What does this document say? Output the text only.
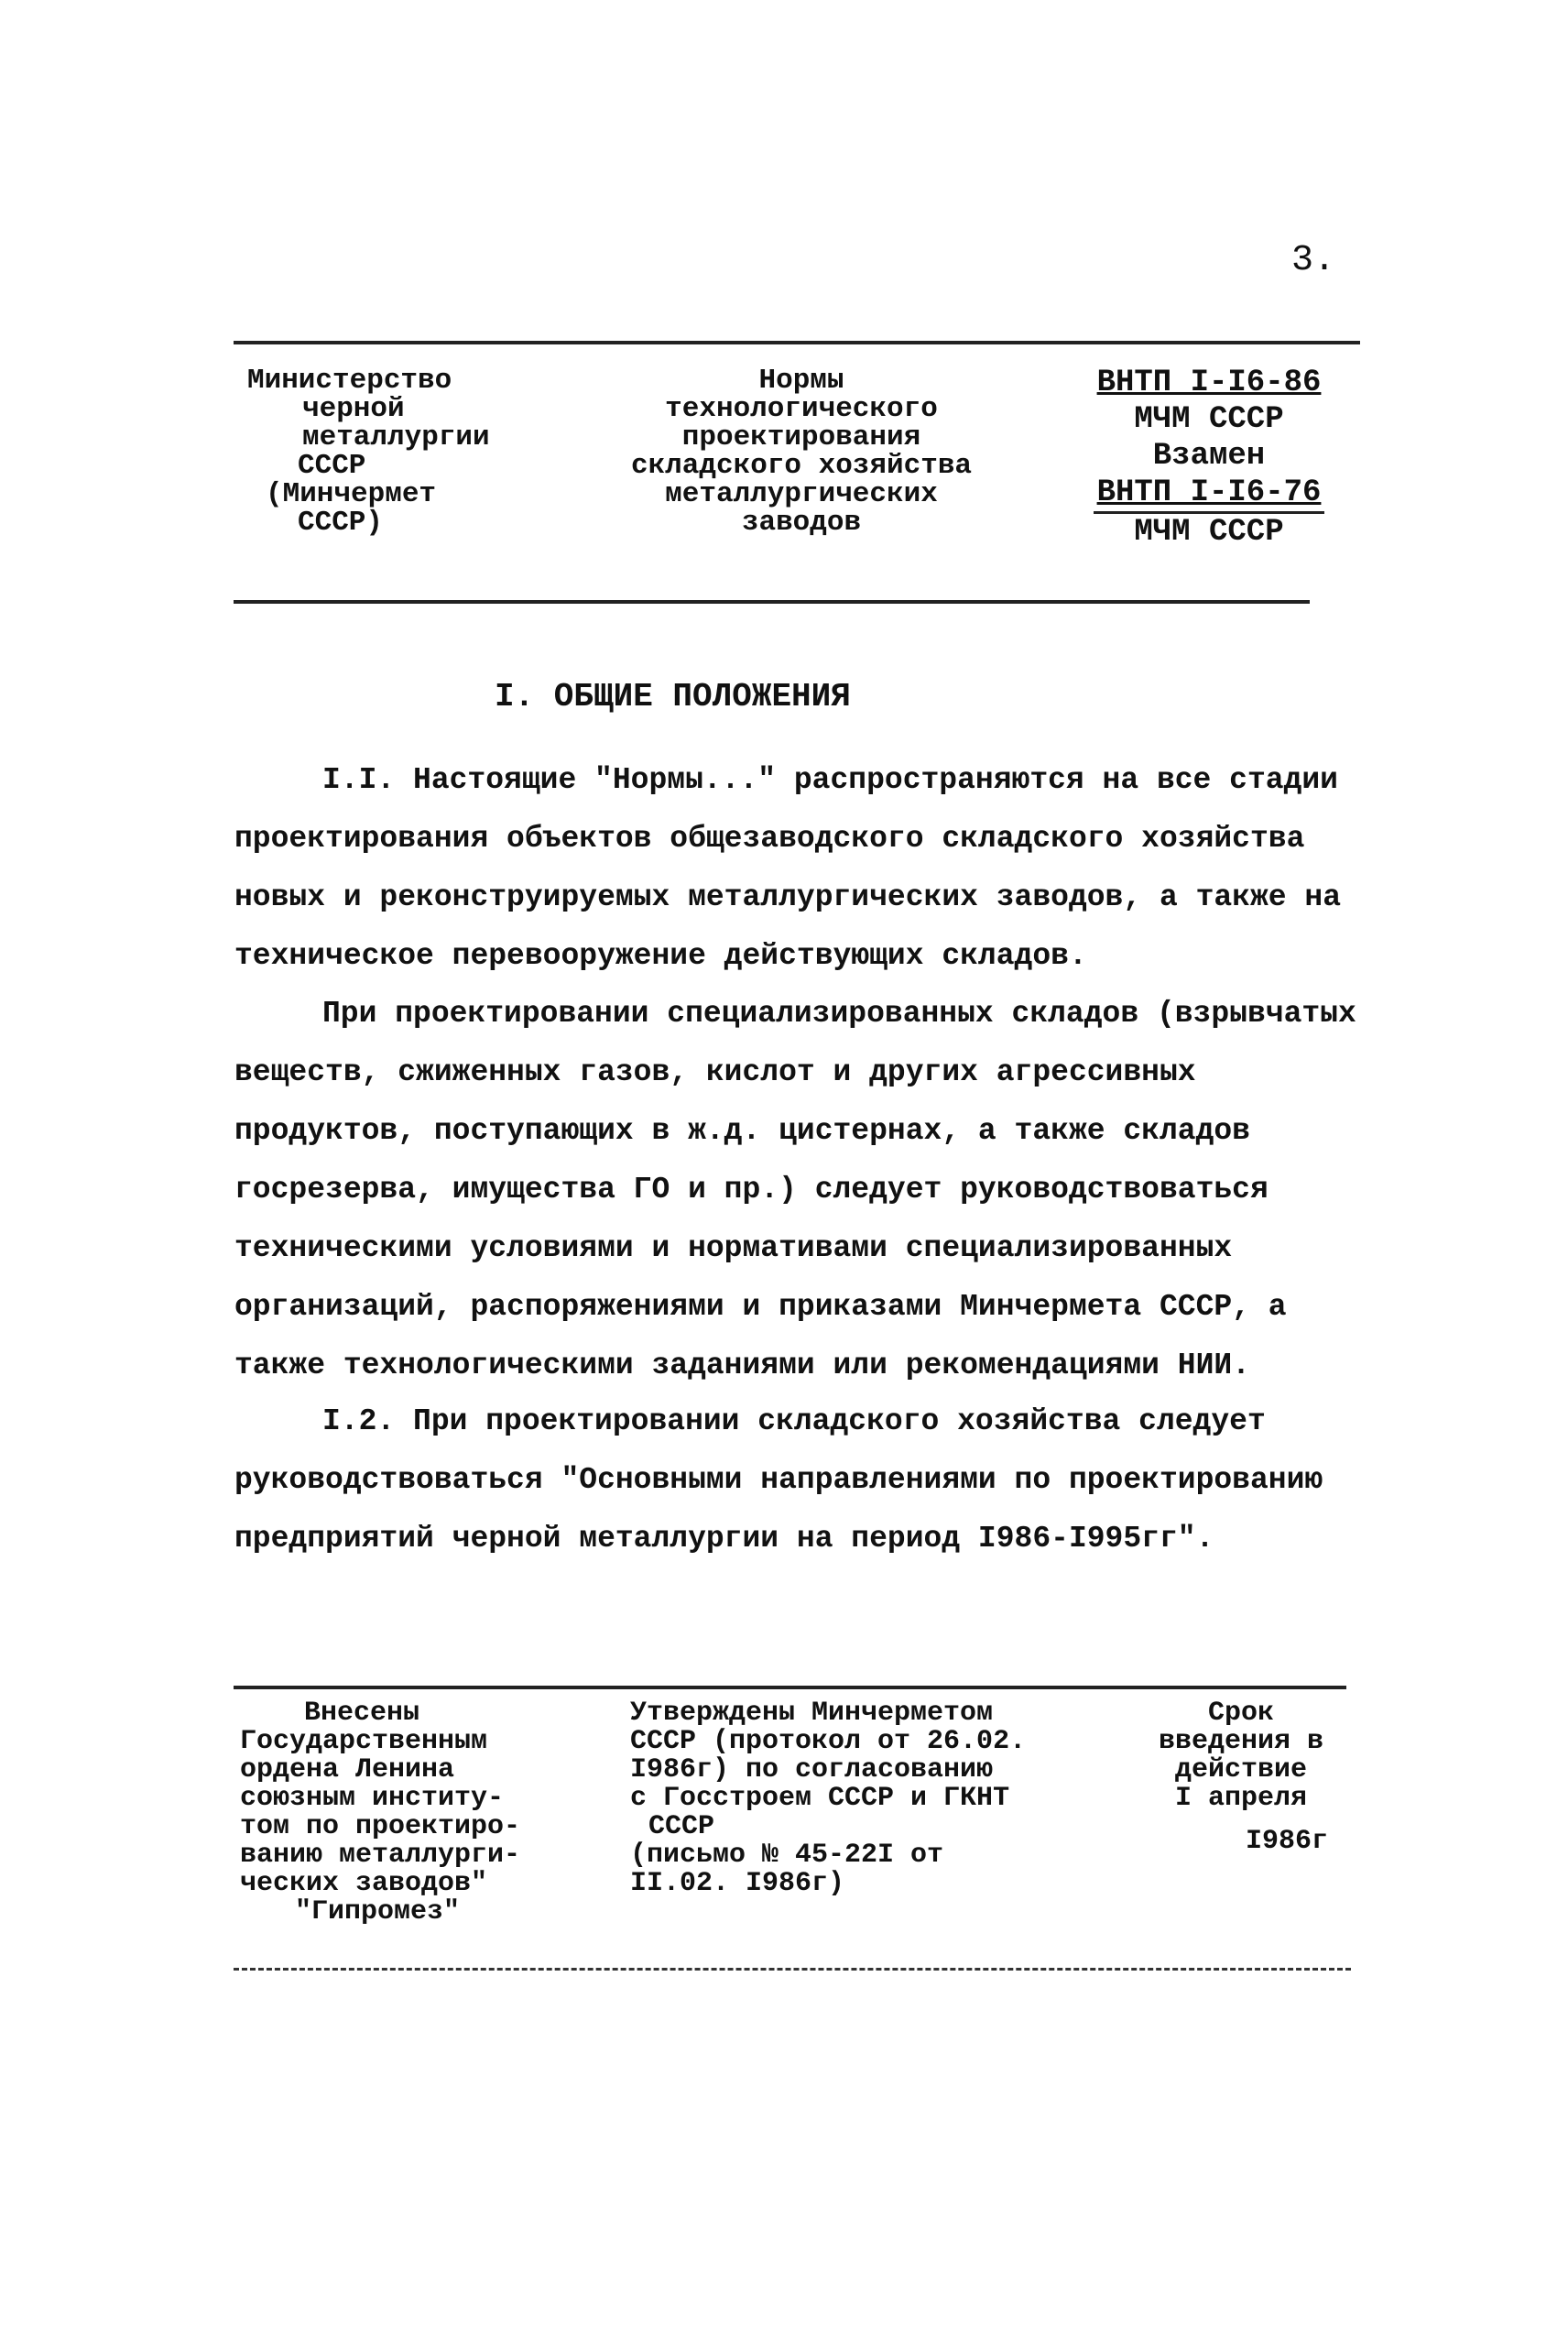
3.
Министерство
черной
металлургии
СССР
(Минчермет
СССР)
Нормы
технологического
проектирования
складского хозяйства
металлургических
заводов
ВНТП I-I6-86
МЧМ СССР
Взамен
ВНТП I-I6-76
МЧМ СССР
I. ОБЩИЕ ПОЛОЖЕНИЯ
I.I. Настоящие "Нормы..." распространяются на все стадии проектирования объектов общезаводского складского хозяйства новых и реконструируемых металлургических заводов, а также на техническое перевооружение действующих складов.
При проектировании специализированных складов (взрывчатых веществ, сжиженных газов, кислот и других агрессивных продуктов, поступающих в ж.д. цистернах, а также складов госрезерва, имущества ГО и пр.) следует руководствоваться техническими условиями и нормативами специализированных организаций, распоряжениями и приказами Минчермета СССР, а также технологическими заданиями или рекомендациями НИИ.
I.2. При проектировании складского хозяйства следует руководствоваться "Основными направлениями по проектированию предприятий черной металлургии на период I986-I995гг".
Внесены
Государственным
ордена Ленина
союзным институ-
том по проектиро-
ванию металлурги-
ческих заводов"
"Гипромез"
Утверждены Минчерметом
СССР (протокол от 26.02.
I986г) по согласованию
с Госстроем СССР и ГКНТ
СССР
(письмо № 45-22I от
II.02. I986г)
Срок
введения в
действие
I апреля
I986г
